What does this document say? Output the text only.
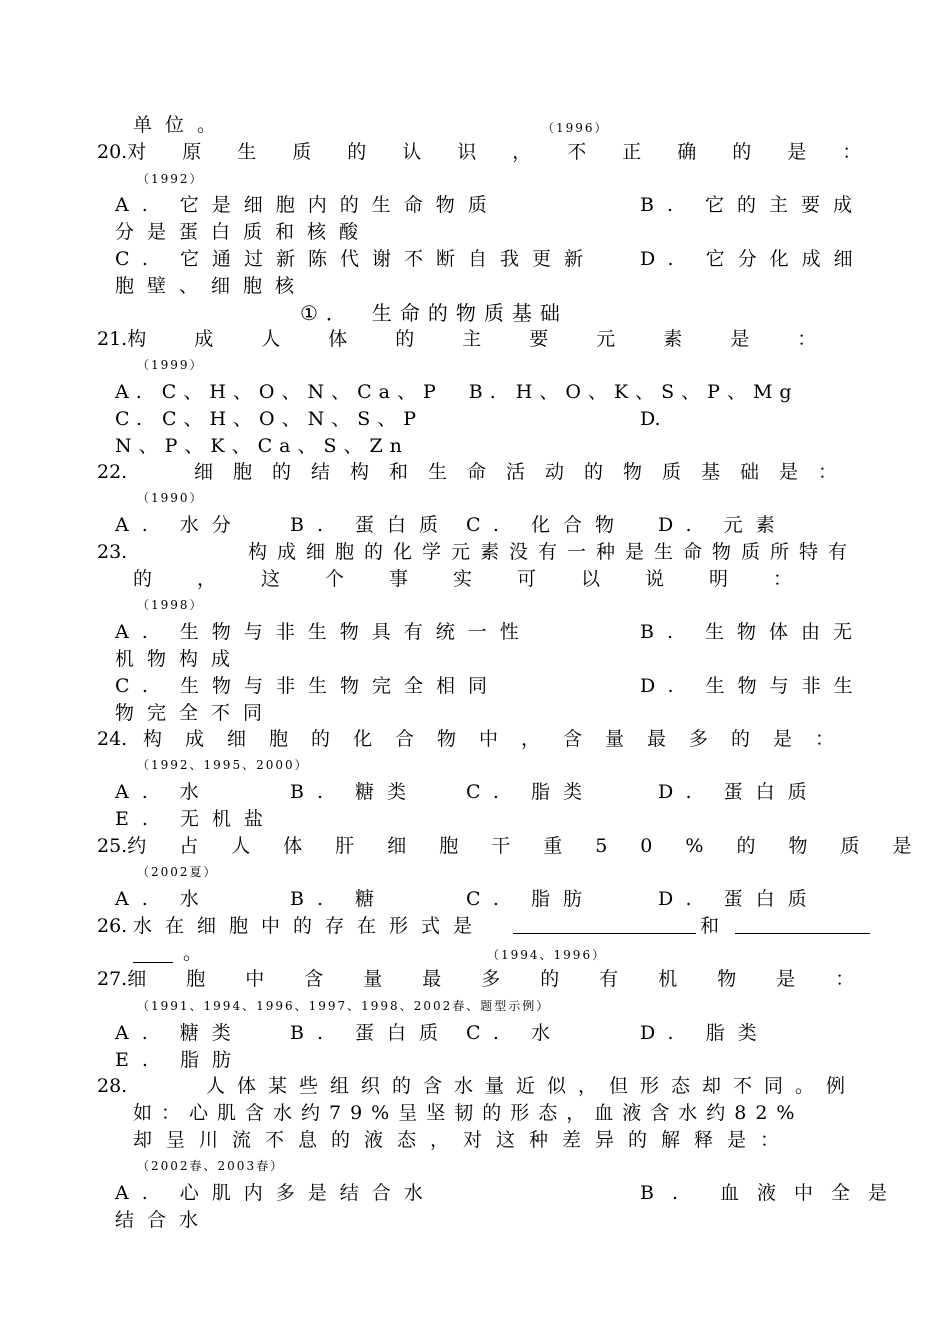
单位。	（1996）
20. 对原生质的认识，不正确的是：
（1992）
A. 它是细胞内的生命物质	B. 它的主要成
分是蛋白质和核酸
C. 它通过新陈代谢不断自我更新 D. 它分化成细
胞壁、细胞核
①．　生命的物质基础
21. 构成人体的主要元素是：
（1999）
A. C、H、O、N、Ca、P　B. H、O、K、S、P、Mg
C. C、H、O、N、S、P	D.
N、P、K、Ca、S、Zn
22.	细胞的结构和生命活动的物质基础是：
（1990）
A. 水分 B. 蛋白质 C. 化合物 D. 元素
23.	构成细胞的化学元素没有一种是生命物质所特有
的，这个事实可以说明：
（1998）
A. 生物与非生物具有统一性	B. 生物体由无
机物构成
C. 生物与非生物完全相同	D. 生物与非生
物完全不同
24. 构成细胞的化合物中，含量最多的是：
（1992、1995、2000）
A. 水	B. 糖类 C. 脂类	D. 蛋白质
E. 无机盐
25. 约占人体肝细胞干重50%的物质是
（2002夏）
A. 水	B. 糖	C. 脂肪	D. 蛋白质
26. 水在细胞中的存在形式是	和
。	（1994、1996）
27. 细胞中含量最多的有机物是：
（1991、1994、1996、1997、1998、2002春、题型示例）
A. 糖类 B. 蛋白质 C. 水	D. 脂类
E. 脂肪
28.	人体某些组织的含水量近似，但形态却不同。例
如：心肌含水约79%呈坚韧的形态，血液含水约82%
却呈川流不息的液态，对这种差异的解释是：
（2002春、2003春）
A. 心肌内多是结合水	B. 血液中全是
结合水
